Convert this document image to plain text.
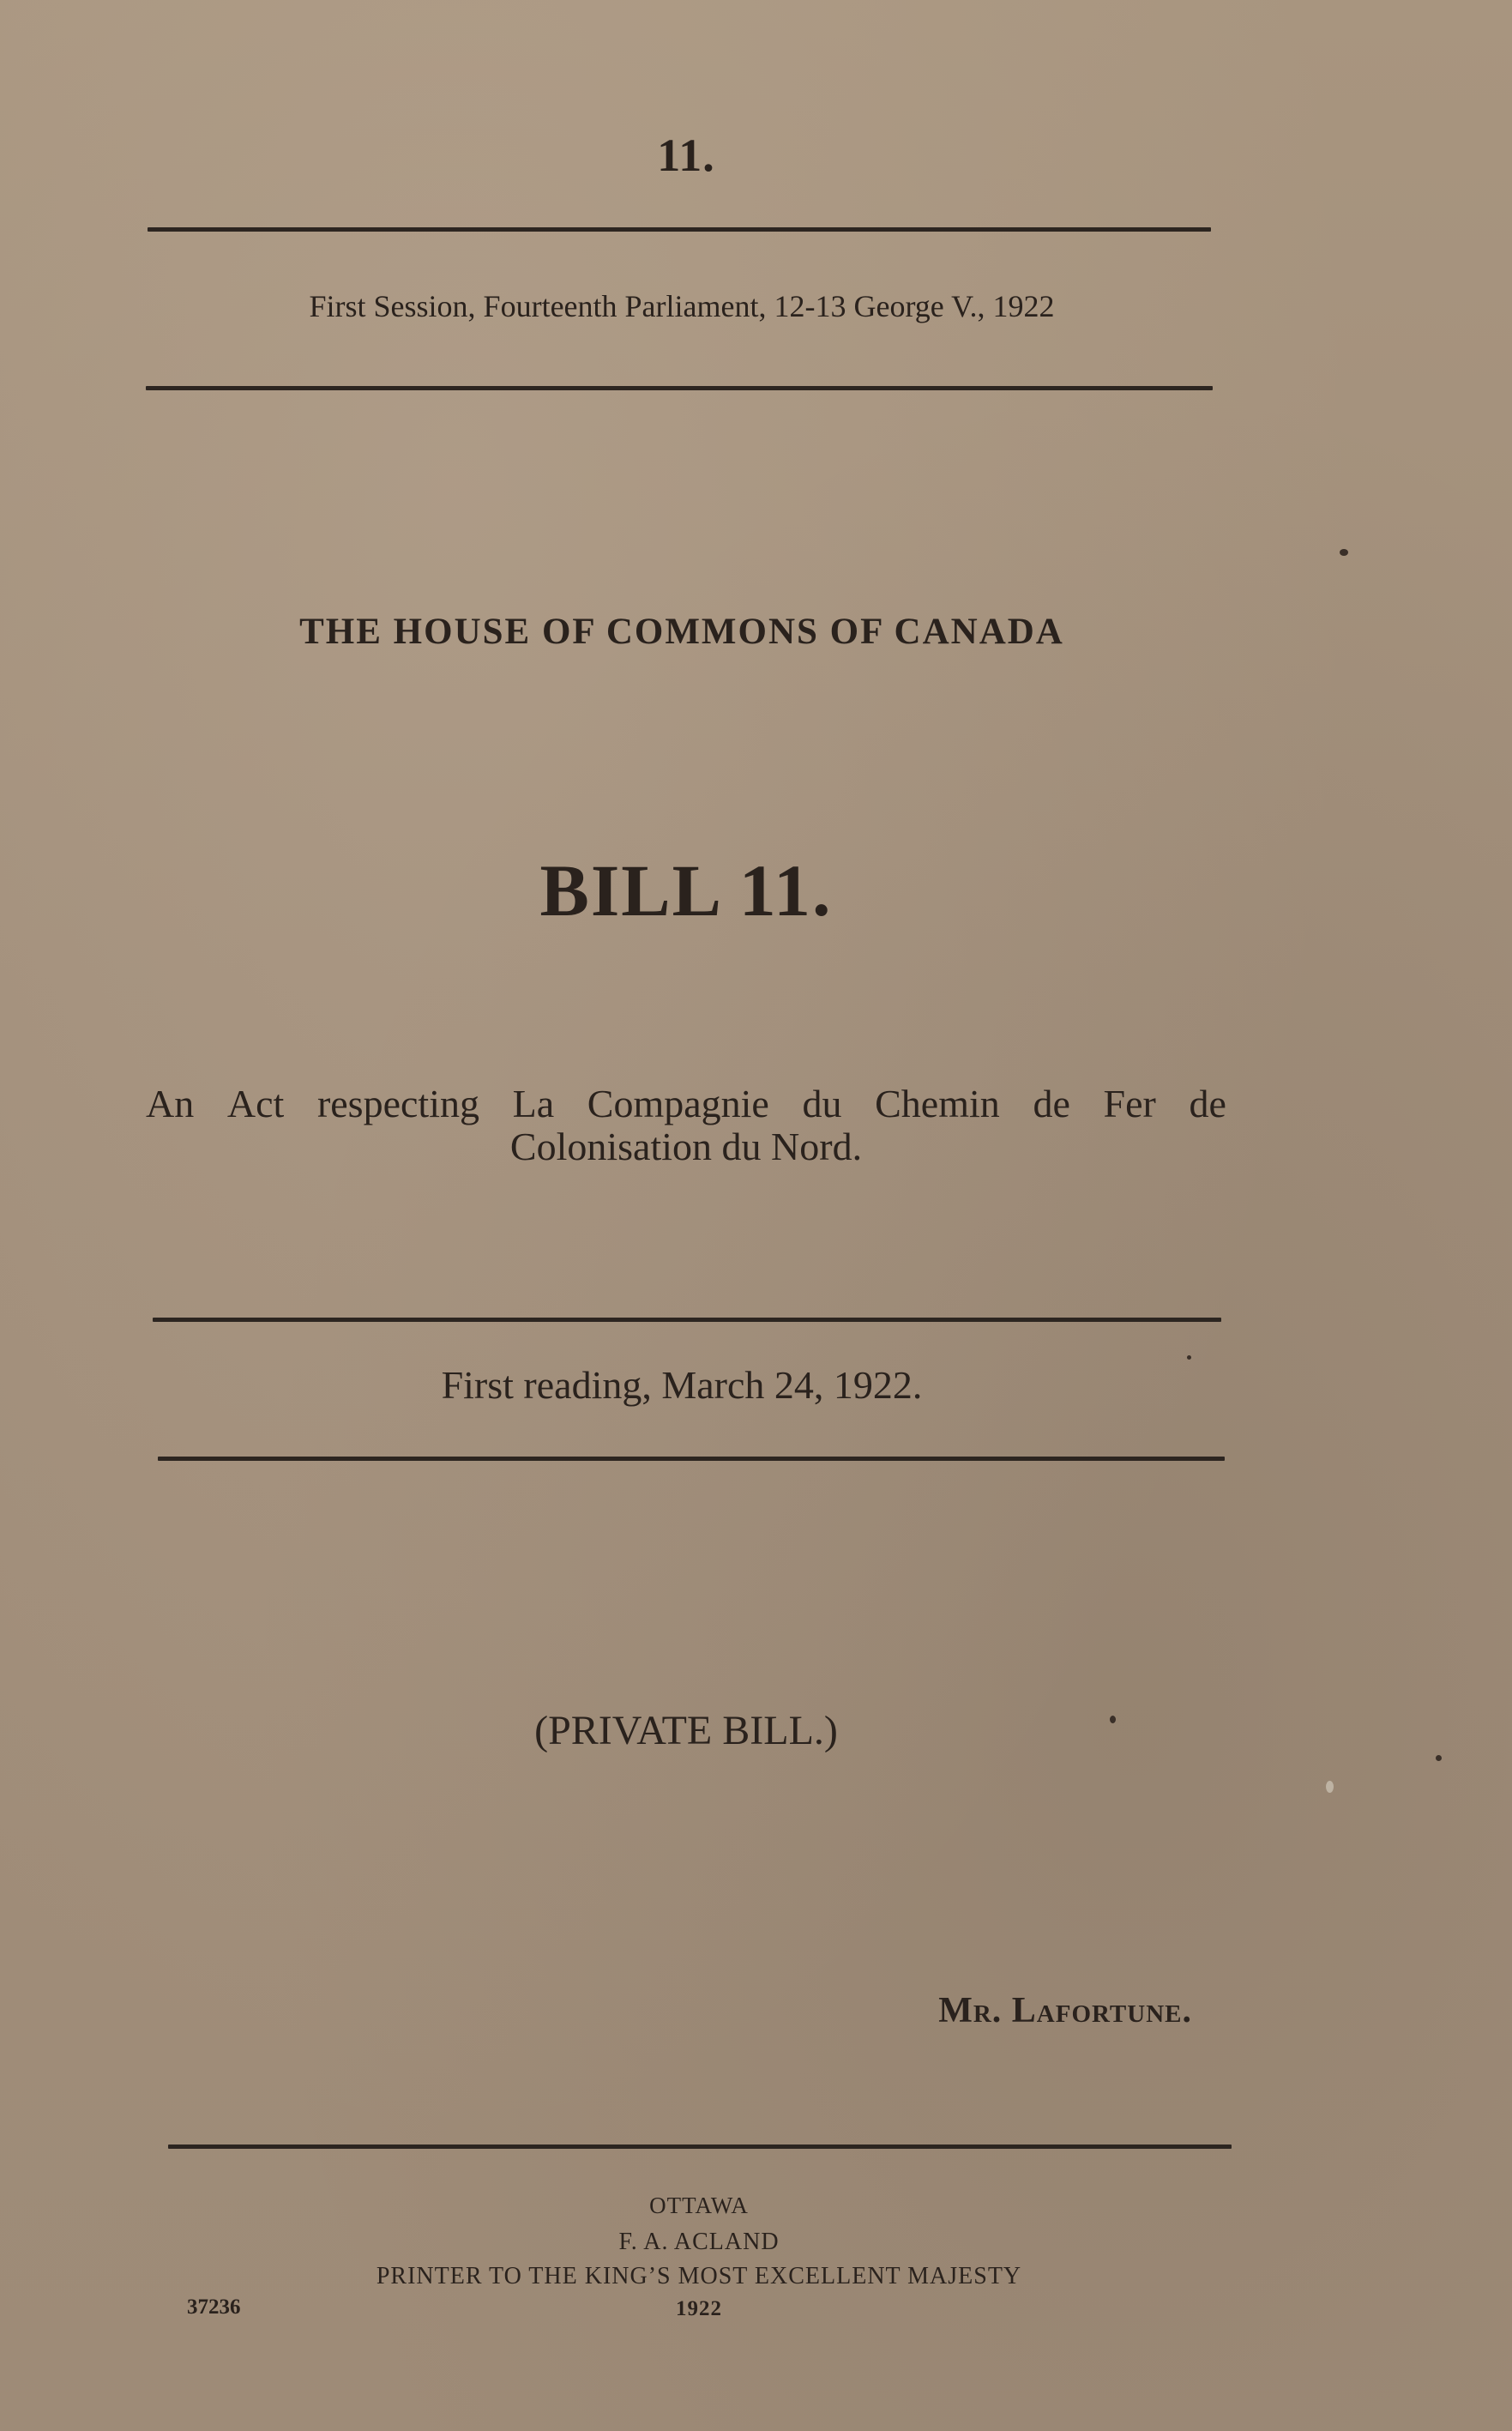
11.
First Session, Fourteenth Parliament, 12-13 George V., 1922
THE HOUSE OF COMMONS OF CANADA
BILL 11.
An Act respecting La Compagnie du Chemin de Fer de
Colonisation du Nord.
First reading, March 24, 1922.
(PRIVATE BILL.)
Mr. Lafortune.
OTTAWA
F. A. ACLAND
PRINTER TO THE KING’S MOST EXCELLENT MAJESTY
1922
37236
